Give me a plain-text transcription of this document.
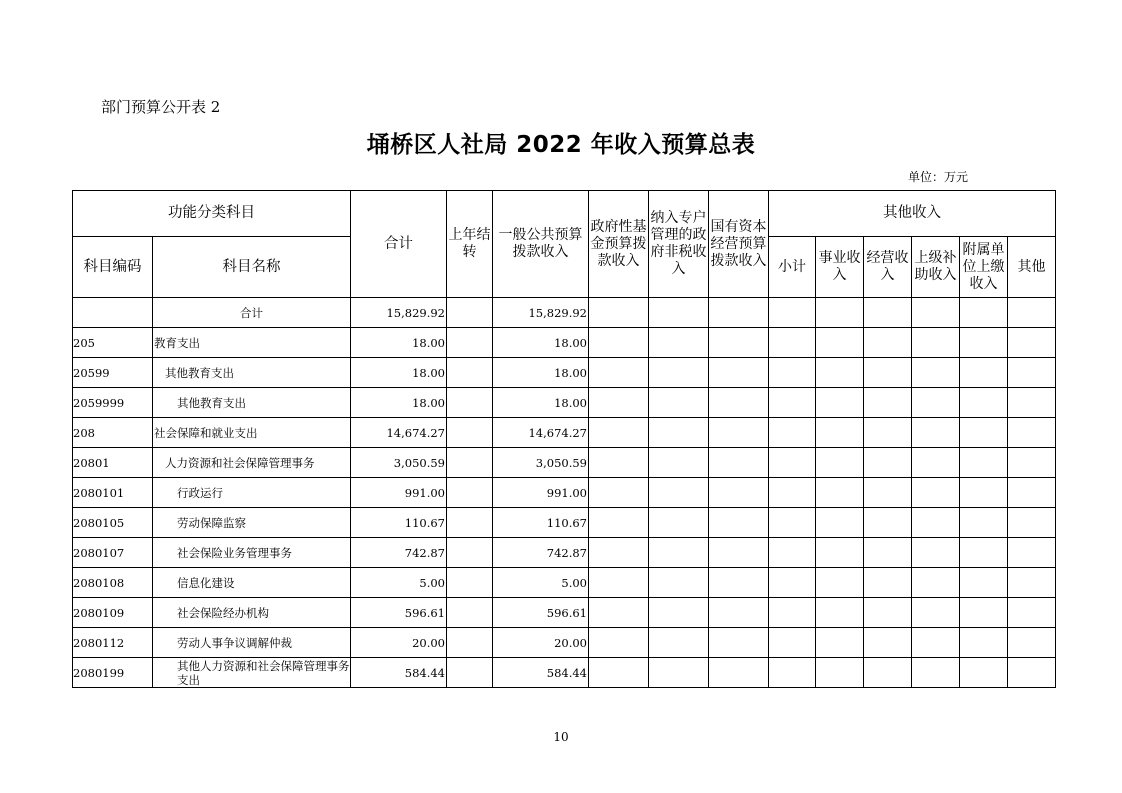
部门预算公开表 2
埇桥区人社局 2022 年收入预算总表
单位：万元
功能分类科目		合计	上年结转	一般公共预算拨款收入	政府性基金预算拨款收入	纳入专户管理的政府非税收入	国有资本经营预算拨款收入	其他收入					
科目编码	科目名称							小计	事业收入	经营收入	上级补助收入	附属单位上缴收入	其他
	合计	15,829.92		15,829.92									
205	教育支出	18.00		18.00									
20599	其他教育支出	18.00		18.00									
2059999	其他教育支出	18.00		18.00									
208	社会保障和就业支出	14,674.27		14,674.27									
20801	人力资源和社会保障管理事务	3,050.59		3,050.59									
2080101	行政运行	991.00		991.00									
2080105	劳动保障监察	110.67		110.67									
2080107	社会保险业务管理事务	742.87		742.87									
2080108	信息化建设	5.00		5.00									
2080109	社会保险经办机构	596.61		596.61									
2080112	劳动人事争议调解仲裁	20.00		20.00									
2080199	其他人力资源和社会保障管理事务支出	584.44		584.44									
10
